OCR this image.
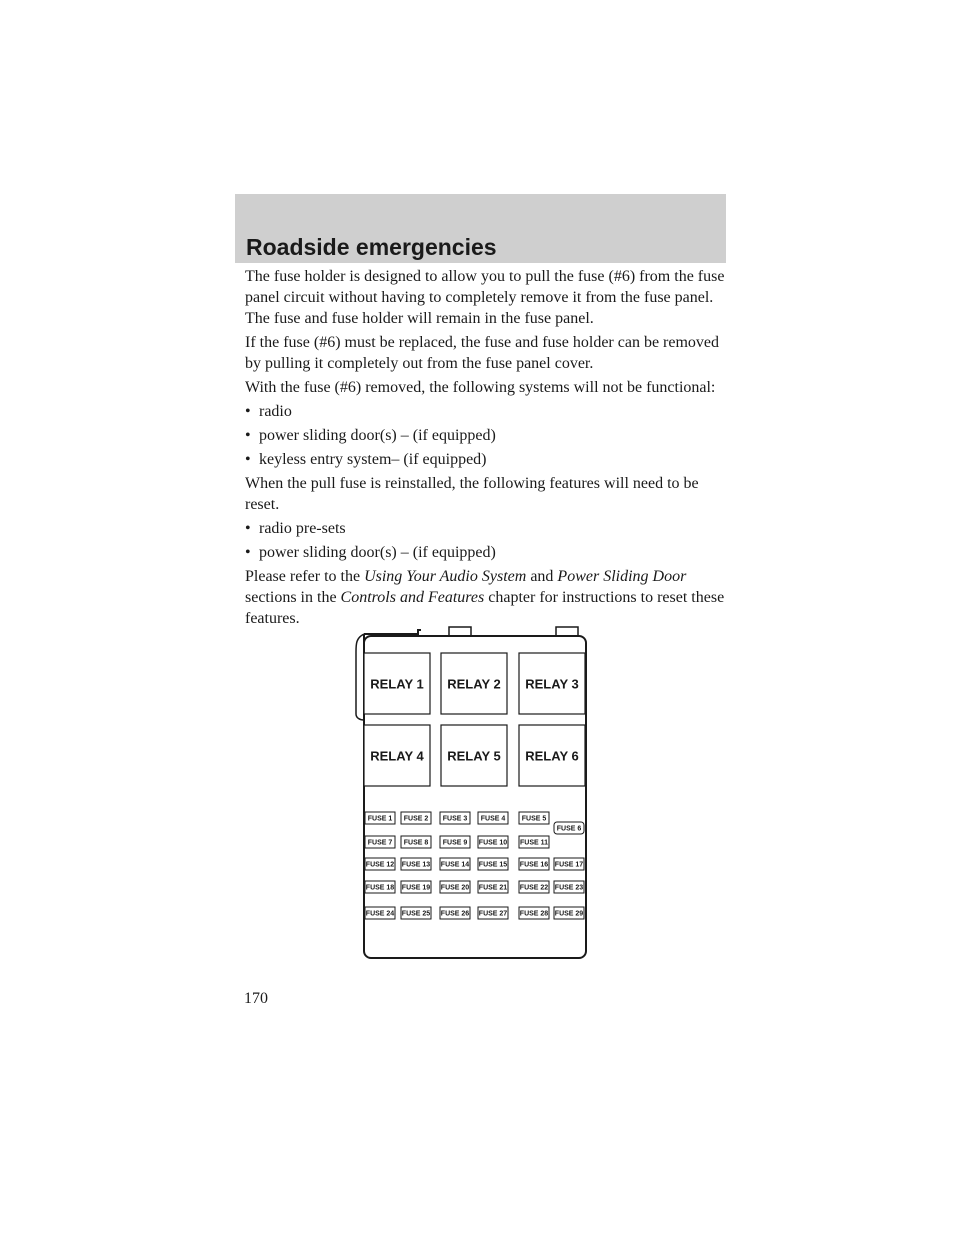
Roadside emergencies

The fuse holder is designed to allow you to pull the fuse (#6) from the fuse panel circuit without having to completely remove it from the fuse panel. The fuse and fuse holder will remain in the fuse panel.

If the fuse (#6) must be replaced, the fuse and fuse holder can be removed by pulling it completely out from the fuse panel cover.

With the fuse (#6) removed, the following systems will not be functional:

• radio
• power sliding door(s) – (if equipped)
• keyless entry system– (if equipped)

When the pull fuse is reinstalled, the following features will need to be reset.

• radio pre-sets
• power sliding door(s) – (if equipped)

Please refer to the Using Your Audio System and Power Sliding Door sections in the Controls and Features chapter for instructions to reset these features.

RELAY 1 RELAY 2 RELAY 3
RELAY 4 RELAY 5 RELAY 6
FUSE 1 FUSE 2 FUSE 3 FUSE 4 FUSE 5
FUSE 6
FUSE 7 FUSE 8 FUSE 9 FUSE 10 FUSE 11
FUSE 12 FUSE 13 FUSE 14 FUSE 15 FUSE 16 FUSE 17
FUSE 18 FUSE 19 FUSE 20 FUSE 21 FUSE 22 FUSE 23
FUSE 24 FUSE 25 FUSE 26 FUSE 27 FUSE 28 FUSE 29
170
